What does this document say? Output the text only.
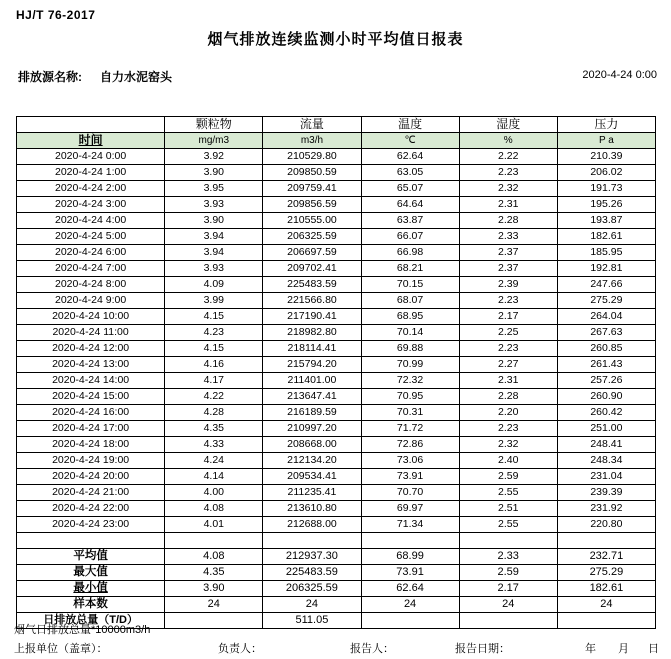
HJ/T 76-2017
烟气排放连续监测小时平均值日报表
排放源名称: 自力水泥窑头	2020-4-24 0:00
	颗粒物	流量	温度	湿度	压力
时间	mg/m3	m3/h	℃	%	P a
2020-4-24 0:00	3.92	210529.80	62.64	2.22	210.39
2020-4-24 1:00	3.90	209850.59	63.05	2.23	206.02
2020-4-24 2:00	3.95	209759.41	65.07	2.32	191.73
2020-4-24 3:00	3.93	209856.59	64.64	2.31	195.26
2020-4-24 4:00	3.90	210555.00	63.87	2.28	193.87
2020-4-24 5:00	3.94	206325.59	66.07	2.33	182.61
2020-4-24 6:00	3.94	206697.59	66.98	2.37	185.95
2020-4-24 7:00	3.93	209702.41	68.21	2.37	192.81
2020-4-24 8:00	4.09	225483.59	70.15	2.39	247.66
2020-4-24 9:00	3.99	221566.80	68.07	2.23	275.29
2020-4-24 10:00	4.15	217190.41	68.95	2.17	264.04
2020-4-24 11:00	4.23	218982.80	70.14	2.25	267.63
2020-4-24 12:00	4.15	218114.41	69.88	2.23	260.85
2020-4-24 13:00	4.16	215794.20	70.99	2.27	261.43
2020-4-24 14:00	4.17	211401.00	72.32	2.31	257.26
2020-4-24 15:00	4.22	213647.41	70.95	2.28	260.90
2020-4-24 16:00	4.28	216189.59	70.31	2.20	260.42
2020-4-24 17:00	4.35	210997.20	71.72	2.23	251.00
2020-4-24 18:00	4.33	208668.00	72.86	2.32	248.41
2020-4-24 19:00	4.24	212134.20	73.06	2.40	248.34
2020-4-24 20:00	4.14	209534.41	73.91	2.59	231.04
2020-4-24 21:00	4.00	211235.41	70.70	2.55	239.39
2020-4-24 22:00	4.08	213610.80	69.97	2.51	231.92
2020-4-24 23:00	4.01	212688.00	71.34	2.55	220.80

平均值	4.08	212937.30	68.99	2.33	232.71
最大值	4.35	225483.59	73.91	2.59	275.29
最小值	3.90	206325.59	62.64	2.17	182.61
样本数	24	24	24	24	24
日排放总量（T/D）		511.05			
烟气日排放总量*10000m3/h
上报单位（盖章）：	负责人：	报告人：	报告日期：	年 月 日
